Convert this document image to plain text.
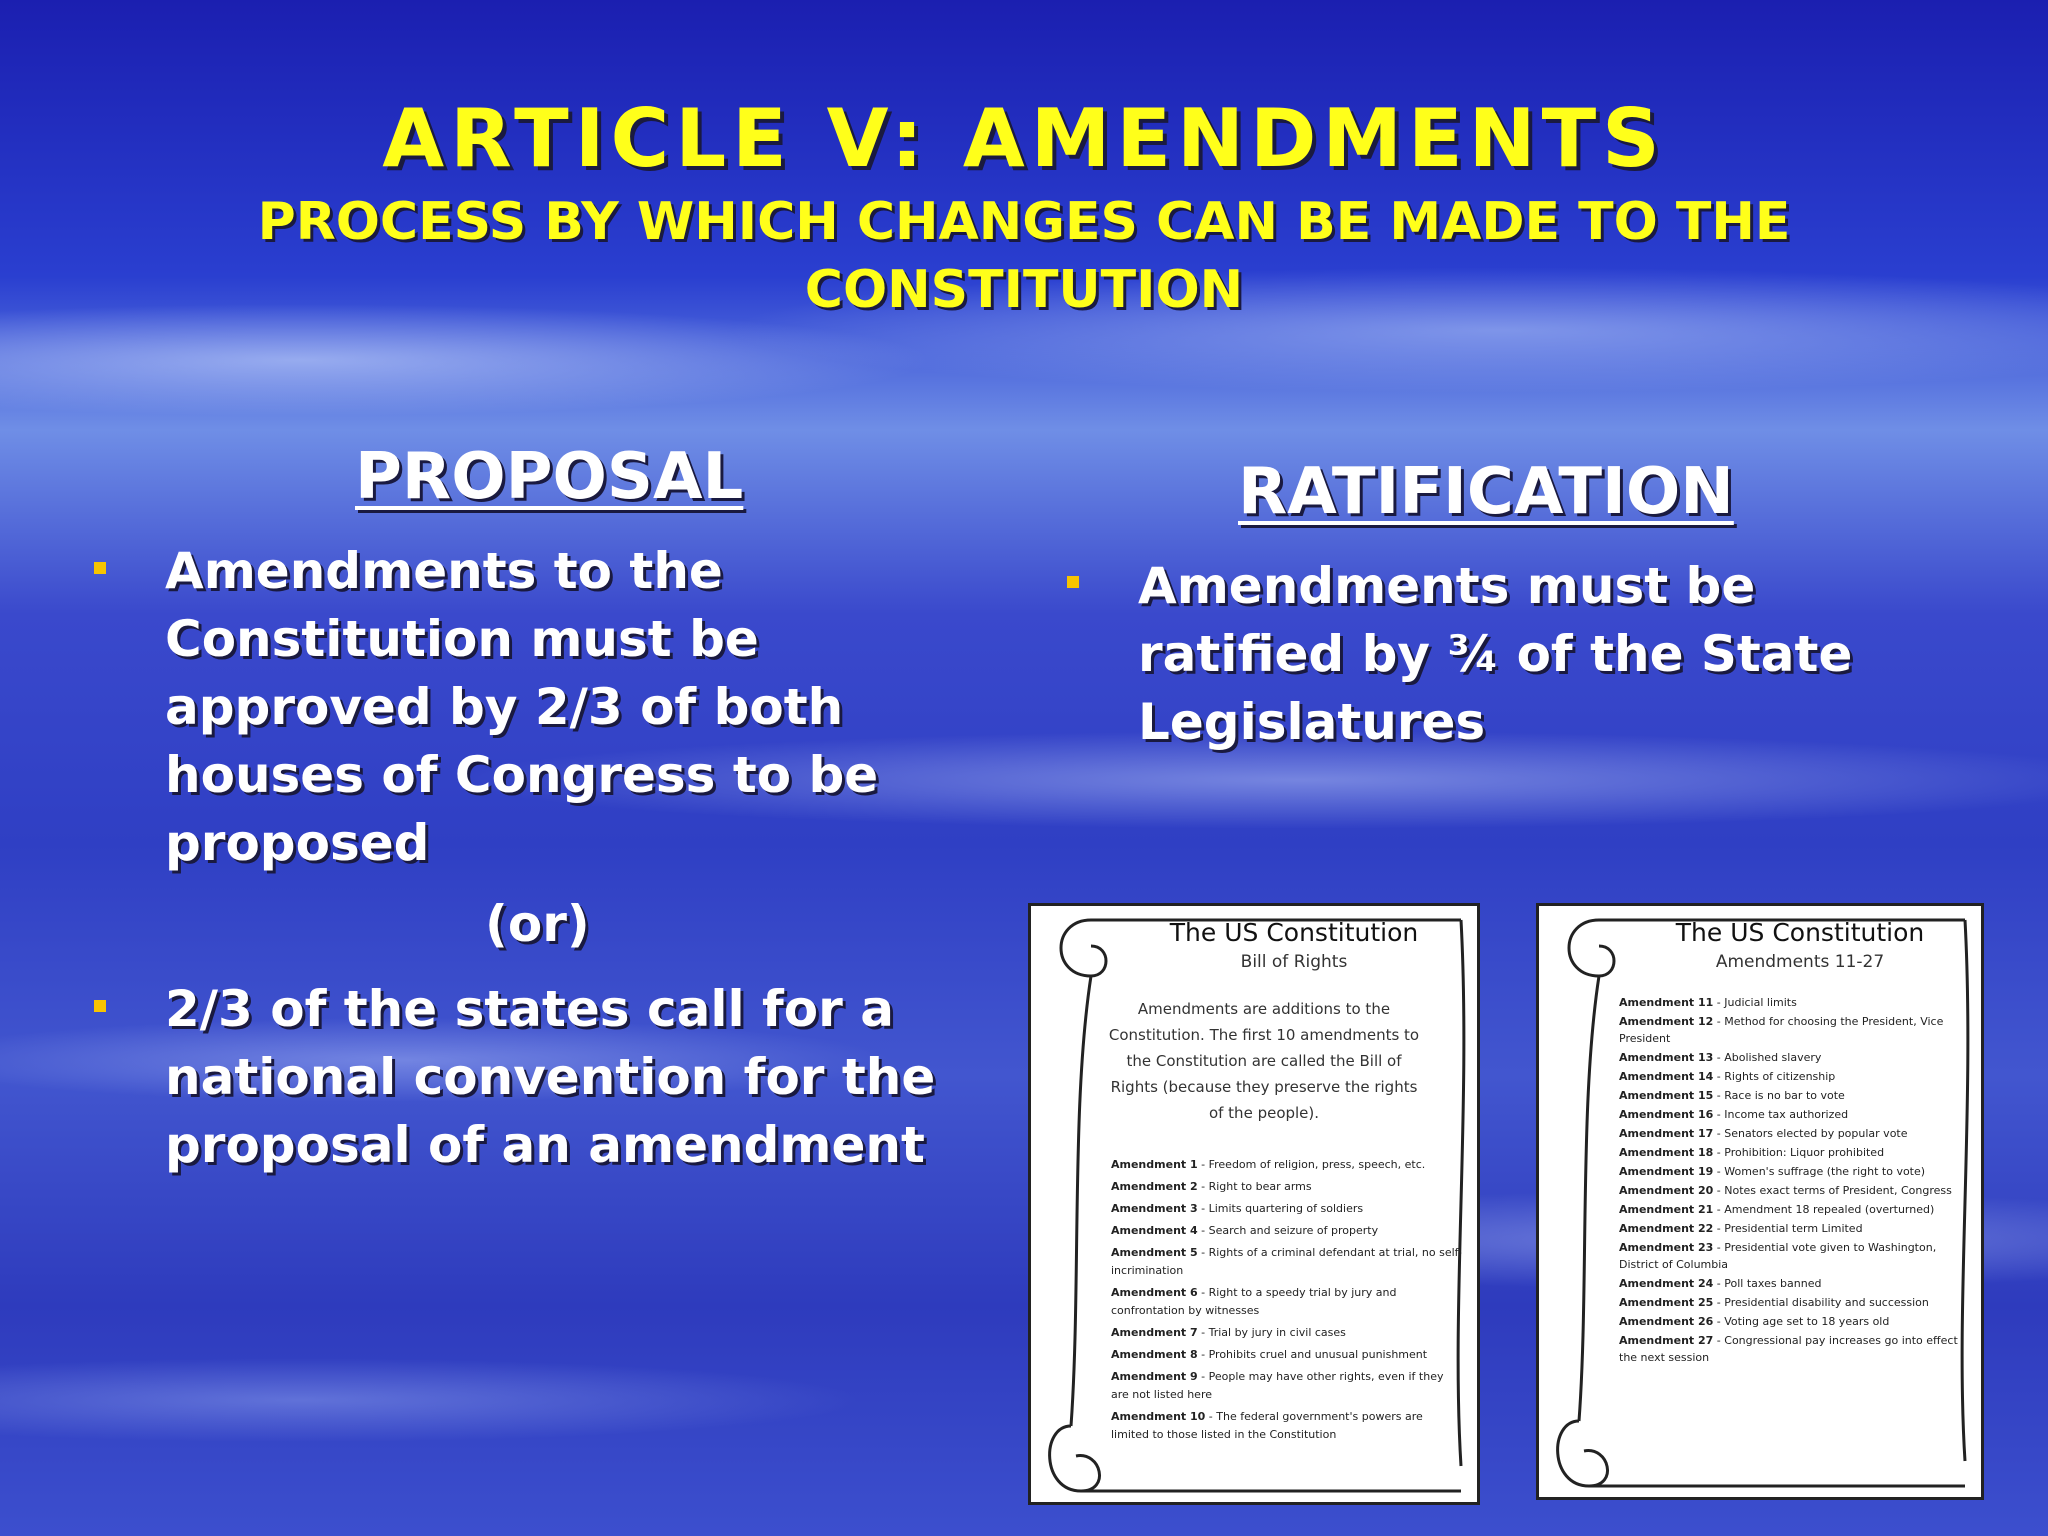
ARTICLE V: AMENDMENTS
PROCESS BY WHICH CHANGES CAN BE MADE TO THE CONSTITUTION
PROPOSAL
Amendments to the Constitution must be approved by 2/3 of both houses of Congress to be proposed
(or)
2/3 of the states call for a national convention for the proposal of an amendment
RATIFICATION
Amendments must be ratified by ¾ of the State Legislatures
The US Constitution
Bill of Rights
Amendments are additions to the Constitution. The first 10 amendments to the Constitution are called the Bill of Rights (because they preserve the rights of the people).
Amendment 1 - Freedom of religion, press, speech, etc.
Amendment 2 - Right to bear arms
Amendment 3 - Limits quartering of soldiers
Amendment 4 - Search and seizure of property
Amendment 5 - Rights of a criminal defendant at trial, no self-incrimination
Amendment 6 - Right to a speedy trial by jury and confrontation by witnesses
Amendment 7 - Trial by jury in civil cases
Amendment 8 - Prohibits cruel and unusual punishment
Amendment 9 - People may have other rights, even if they are not listed here
Amendment 10 - The federal government's powers are limited to those listed in the Constitution
The US Constitution
Amendments 11-27
Amendment 11 - Judicial limits
Amendment 12 - Method for choosing the President, Vice President
Amendment 13 - Abolished slavery
Amendment 14 - Rights of citizenship
Amendment 15 - Race is no bar to vote
Amendment 16 - Income tax authorized
Amendment 17 - Senators elected by popular vote
Amendment 18 - Prohibition: Liquor prohibited
Amendment 19 - Women's suffrage (the right to vote)
Amendment 20 - Notes exact terms of President, Congress
Amendment 21 - Amendment 18 repealed (overturned)
Amendment 22 - Presidential term Limited
Amendment 23 - Presidential vote given to Washington, District of Columbia
Amendment 24 - Poll taxes banned
Amendment 25 - Presidential disability and succession
Amendment 26 - Voting age set to 18 years old
Amendment 27 - Congressional pay increases go into effect the next session
